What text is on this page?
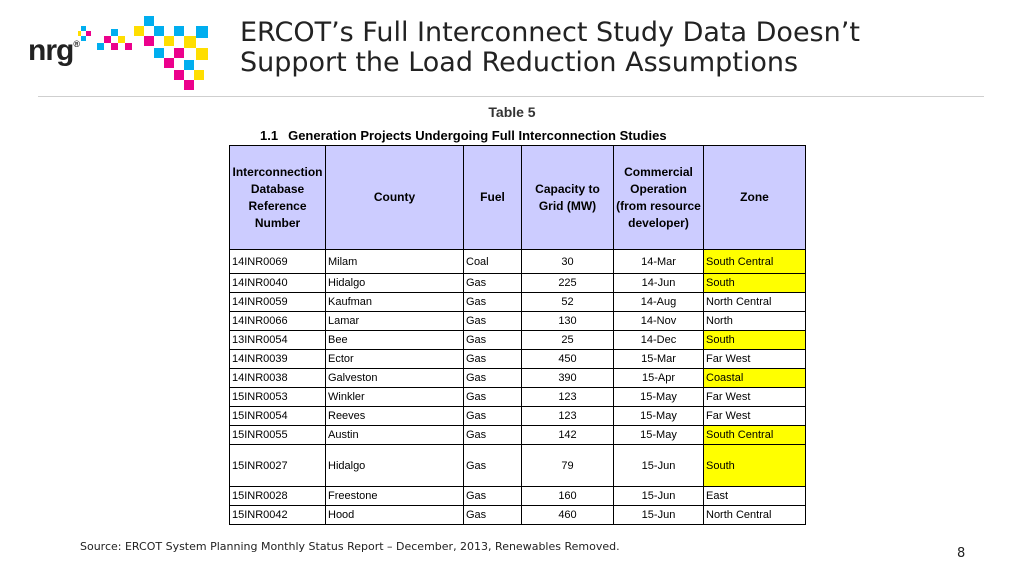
nrg®	ERCOT’s Full Interconnect Study Data Doesn’t
Support the Load Reduction Assumptions
Table 5
1.1 Generation Projects Undergoing Full Interconnection Studies
Interconnection Database Reference Number	County	Fuel	Capacity to Grid (MW)	Commercial Operation (from resource developer)	Zone
14INR0069	Milam	Coal	30	14-Mar	South Central
14INR0040	Hidalgo	Gas	225	14-Jun	South
14INR0059	Kaufman	Gas	52	14-Aug	North Central
14INR0066	Lamar	Gas	130	14-Nov	North
13INR0054	Bee	Gas	25	14-Dec	South
14INR0039	Ector	Gas	450	15-Mar	Far West
14INR0038	Galveston	Gas	390	15-Apr	Coastal
15INR0053	Winkler	Gas	123	15-May	Far West
15INR0054	Reeves	Gas	123	15-May	Far West
15INR0055	Austin	Gas	142	15-May	South Central
15INR0027	Hidalgo	Gas	79	15-Jun	South
15INR0028	Freestone	Gas	160	15-Jun	East
15INR0042	Hood	Gas	460	15-Jun	North Central
Source: ERCOT System Planning Monthly Status Report – December, 2013, Renewables Removed.	8
